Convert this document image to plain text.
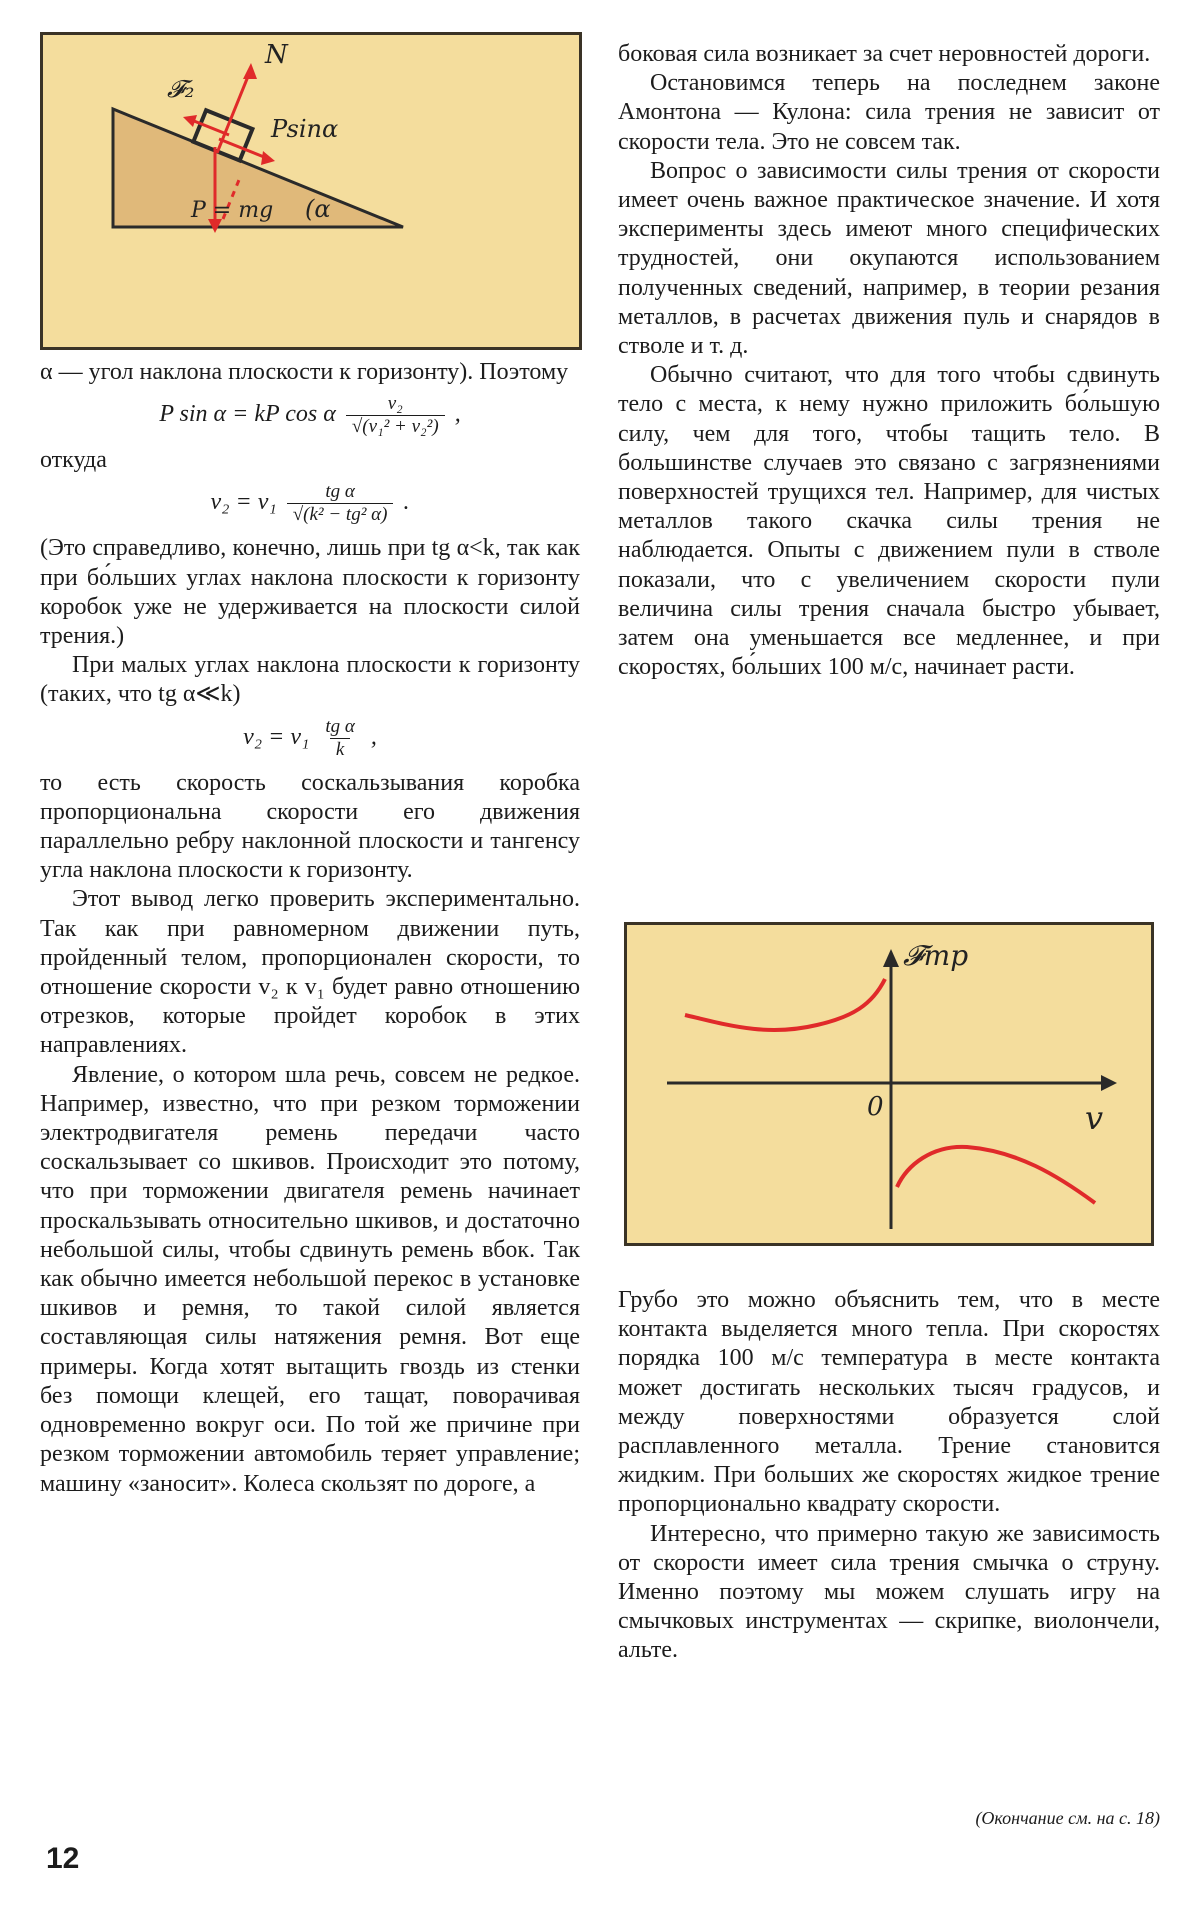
N
𝓕₂
Psinα
P = mg (α

α — угол наклона плоскости к горизонту). Поэтому

P sin α = kP cos α $\frac{\text{v₂}}{\text{√(v₁² + v₂²)}}$ ,

откуда

$v_2 = v_1 \frac{\text{tg α}}{\text{√(k² − tg² α)}}$ .

(Это справедливо, конечно, лишь при tg α<k, так как при бо́льших углах наклона плоскости к горизонту коробок уже не удерживается на плоскости силой трения.)

При малых углах наклона плоскости к горизонту (таких, что tg α≪k)

$v_2 = v_1 \frac{\text{tg α}}{k}$ ,

то есть скорость соскальзывания коробка пропорциональна скорости его движения параллельно ребру наклонной плоскости и тангенсу угла наклона плоскости к горизонту.

Этот вывод легко проверить экспериментально. Так как при равномерном движении путь, пройденный телом, пропорционален скорости, то отношение скорости v₂ к v₁ будет равно отношению отрезков, которые пройдет коробок в этих направлениях.

Явление, о котором шла речь, совсем не редкое. Например, известно, что при резком торможении электродвигателя ремень передачи часто соскальзывает со шкивов. Происходит это потому, что при торможении двигателя ремень начинает проскальзывать относительно шкивов, и достаточно небольшой силы, чтобы сдвинуть ремень вбок. Так как обычно имеется небольшой перекос в установке шкивов и ремня, то такой силой является составляющая силы натяжения ремня. Вот еще примеры. Когда хотят вытащить гвоздь из стенки без помощи клещей, его тащат, поворачивая одновременно вокруг оси. По той же причине при резком торможении автомобиль теряет управление; машину «заносит». Колеса скользят по дороге, а

боковая сила возникает за счет неровностей дороги.

Остановимся теперь на последнем законе Амонтона — Кулона: сила трения не зависит от скорости тела. Это не совсем так.

Вопрос о зависимости силы трения от скорости имеет очень важное практическое значение. И хотя эксперименты здесь имеют много специфических трудностей, они окупаются использованием полученных сведений, например, в теории резания металлов, в расчетах движения пуль и снарядов в стволе и т. д.

Обычно считают, что для того чтобы сдвинуть тело с места, к нему нужно приложить бо́льшую силу, чем для того, чтобы тащить тело. В большинстве случаев это связано с загрязнениями поверхностей трущихся тел. Например, для чистых металлов такого скачка силы трения не наблюдается. Опыты с движением пули в стволе показали, что с увеличением скорости пули величина силы трения сначала быстро убывает, затем она уменьшается все медленнее, и при скоростях, бо́льших 100 м/с, начинает расти.

𝓕тр
0	v

Грубо это можно объяснить тем, что в месте контакта выделяется много тепла. При скоростях порядка 100 м/с температура в месте контакта может достигать нескольких тысяч градусов, и между поверхностями образуется слой расплавленного металла. Трение становится жидким. При больших же скоростях жидкое трение пропорционально квадрату скорости.

Интересно, что примерно такую же зависимость от скорости имеет сила трения смычка о струну. Именно поэтому мы можем слушать игру на смычковых инструментах — скрипке, виолончели, альте.

(Окончание см. на с. 18)
12
